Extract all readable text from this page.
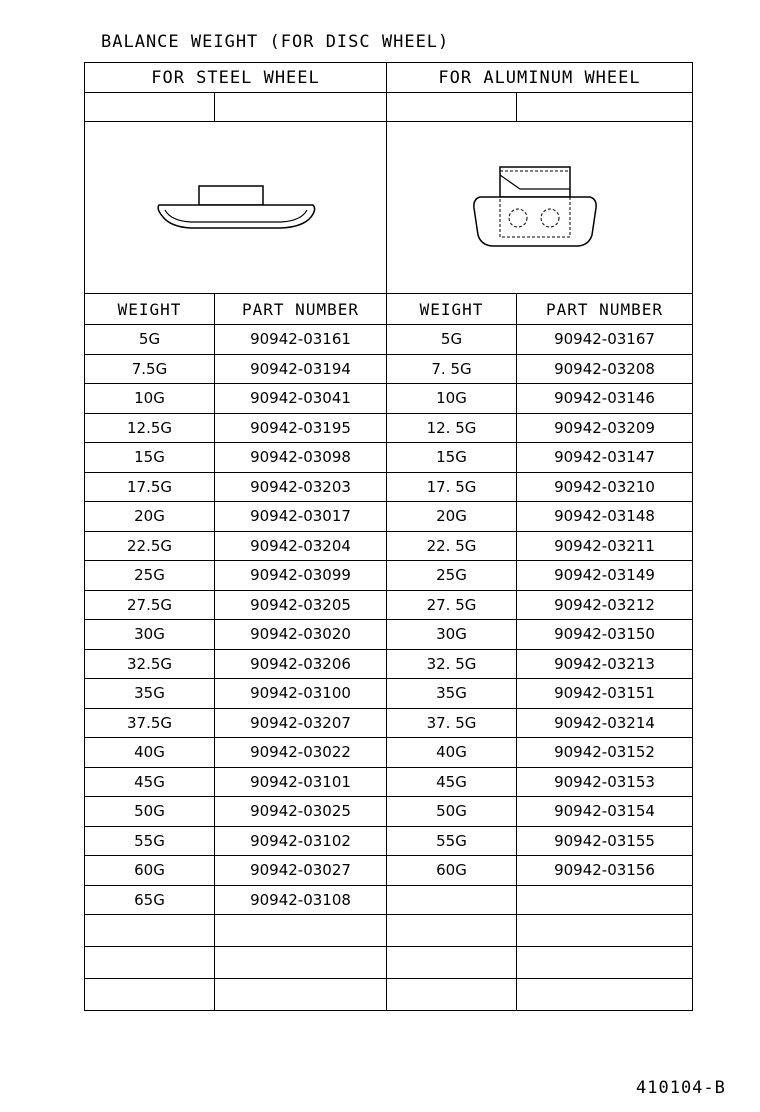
BALANCE WEIGHT (FOR DISC WHEEL)
FOR STEEL WHEEL		FOR ALUMINUM WHEEL	

WEIGHT	PART NUMBER	WEIGHT	PART NUMBER
5G	90942-03161	5G	90942-03167
7.5G	90942-03194	7. 5G	90942-03208
10G	90942-03041	10G	90942-03146
12.5G	90942-03195	12. 5G	90942-03209
15G	90942-03098	15G	90942-03147
17.5G	90942-03203	17. 5G	90942-03210
20G	90942-03017	20G	90942-03148
22.5G	90942-03204	22. 5G	90942-03211
25G	90942-03099	25G	90942-03149
27.5G	90942-03205	27. 5G	90942-03212
30G	90942-03020	30G	90942-03150
32.5G	90942-03206	32. 5G	90942-03213
35G	90942-03100	35G	90942-03151
37.5G	90942-03207	37. 5G	90942-03214
40G	90942-03022	40G	90942-03152
45G	90942-03101	45G	90942-03153
50G	90942-03025	50G	90942-03154
55G	90942-03102	55G	90942-03155
60G	90942-03027	60G	90942-03156
65G	90942-03108		

410104-B
